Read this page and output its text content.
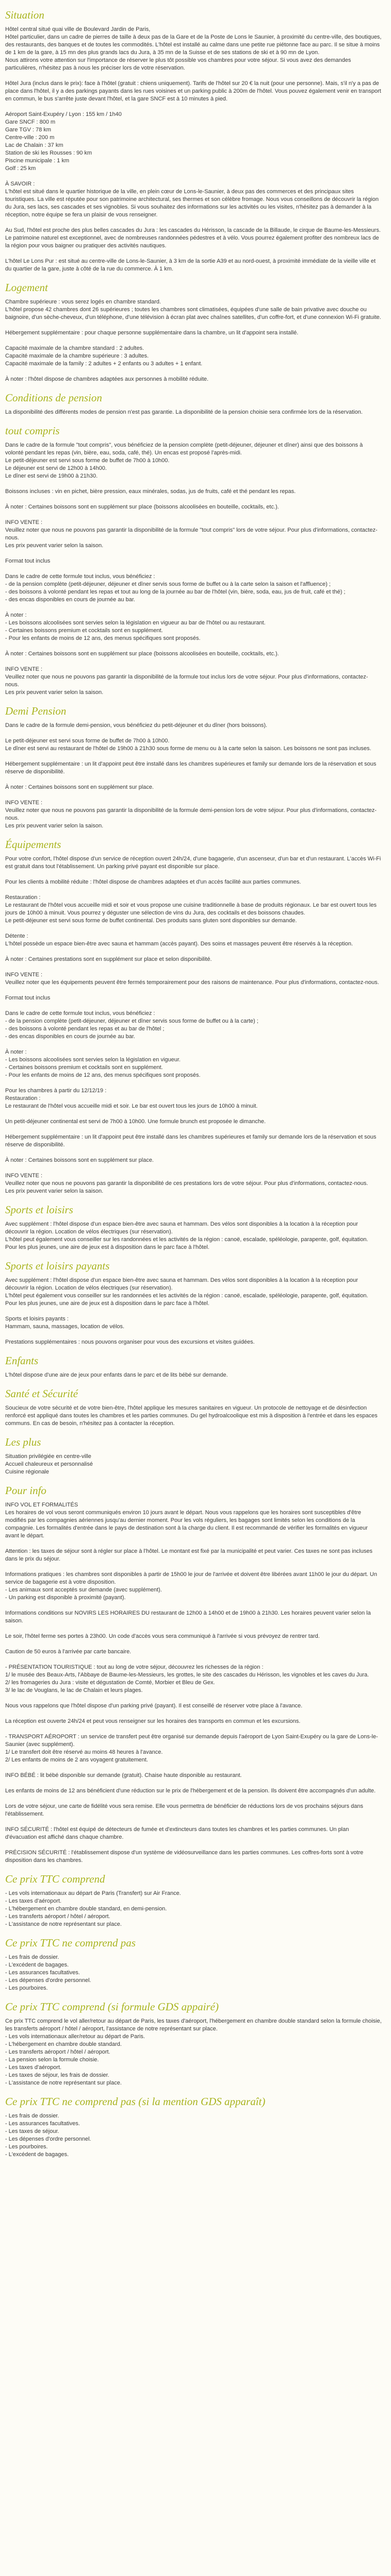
Situation
Hôtel central situé quai ville de Boulevard Jardin de Paris,
Hôtel particulier, dans un cadre de pierres de taille à deux pas de la Gare et de la Poste de Lons le Saunier, à proximité du centre-ville, des boutiques, des restaurants, des banques et de toutes les commodités. L'hôtel est installé au calme dans une petite rue piétonne face au parc. Il se situe à moins de 1 km de la gare, à 15 mn des plus grands lacs du Jura, à 35 mn de la Suisse et de ses stations de ski et à 90 mn de Lyon.
Nous attirons votre attention sur l'importance de réserver le plus tôt possible vos chambres pour votre séjour. Si vous avez des demandes particulières, n'hésitez pas à nous les préciser lors de votre réservation.
Hôtel Jura (inclus dans le prix): face à l'hôtel (gratuit : chiens uniquement). Tarifs de l'hôtel sur 20 € la nuit (pour une personne). Mais, s'il n'y a pas de place dans l'hôtel, il y a des parkings payants dans les rues voisines et un parking public à 200m de l'hôtel. Vous pouvez également venir en transport en commun, le bus s'arrête juste devant l'hôtel, et la gare SNCF est à 10 minutes à pied.
Aéroport Saint-Exupéry / Lyon : 155 km / 1h40
Gare SNCF : 800 m
Gare TGV : 78 km
Centre-ville : 200 m
Lac de Chalain : 37 km
Station de ski les Rousses : 90 km
Piscine municipale : 1 km
Golf : 25 km
À SAVOIR :
L'hôtel est situé dans le quartier historique de la ville, en plein cœur de Lons-le-Saunier, à deux pas des commerces et des principaux sites touristiques. La ville est réputée pour son patrimoine architectural, ses thermes et son célèbre fromage. Nous vous conseillons de découvrir la région du Jura, ses lacs, ses cascades et ses vignobles. Si vous souhaitez des informations sur les activités ou les visites, n'hésitez pas à demander à la réception, notre équipe se fera un plaisir de vous renseigner.
Au Sud, l'hôtel est proche des plus belles cascades du Jura : les cascades du Hérisson, la cascade de la Billaude, le cirque de Baume-les-Messieurs. Le patrimoine naturel est exceptionnel, avec de nombreuses randonnées pédestres et à vélo. Vous pourrez également profiter des nombreux lacs de la région pour vous baigner ou pratiquer des activités nautiques.
L'hôtel Le Lons Pur : est situé au centre-ville de Lons-le-Saunier, à 3 km de la sortie A39 et au nord-ouest, à proximité immédiate de la vieille ville et du quartier de la gare, juste à côté de la rue du commerce. À 1 km.
Logement
Chambre supérieure : vous serez logés en chambre standard.
L'hôtel propose 42 chambres dont 26 supérieures ; toutes les chambres sont climatisées, équipées d'une salle de bain privative avec douche ou baignoire, d'un sèche-cheveux, d'un téléphone, d'une télévision à écran plat avec chaînes satellites, d'un coffre-fort, et d'une connexion Wi-Fi gratuite.
Hébergement supplémentaire : pour chaque personne supplémentaire dans la chambre, un lit d'appoint sera installé.
Capacité maximale de la chambre standard : 2 adultes.
Capacité maximale de la chambre supérieure : 3 adultes.
Capacité maximale de la family : 2 adultes + 2 enfants ou 3 adultes + 1 enfant.
À noter : l'hôtel dispose de chambres adaptées aux personnes à mobilité réduite.
Conditions de pension
La disponibilité des différents modes de pension n'est pas garantie. La disponibilité de la pension choisie sera confirmée lors de la réservation.
tout compris
Dans le cadre de la formule "tout compris", vous bénéficiez de la pension complète (petit-déjeuner, déjeuner et dîner) ainsi que des boissons à volonté pendant les repas (vin, bière, eau, soda, café, thé). Un encas est proposé l'après-midi.
Le petit-déjeuner est servi sous forme de buffet de 7h00 à 10h00.
Le déjeuner est servi de 12h00 à 14h00.
Le dîner est servi de 19h00 à 21h30.
Boissons incluses : vin en pichet, bière pression, eaux minérales, sodas, jus de fruits, café et thé pendant les repas.
À noter : Certaines boissons sont en supplément sur place (boissons alcoolisées en bouteille, cocktails, etc.).
INFO VENTE :
Veuillez noter que nous ne pouvons pas garantir la disponibilité de la formule "tout compris" lors de votre séjour. Pour plus d'informations, contactez-nous.
Les prix peuvent varier selon la saison.
Format tout inclus
Dans le cadre de cette formule tout inclus, vous bénéficiez :
- de la pension complète (petit-déjeuner, déjeuner et dîner servis sous forme de buffet ou à la carte selon la saison et l'affluence) ;
- des boissons à volonté pendant les repas et tout au long de la journée au bar de l'hôtel (vin, bière, soda, eau, jus de fruit, café et thé) ;
- des encas disponibles en cours de journée au bar.
À noter :
- Les boissons alcoolisées sont servies selon la législation en vigueur au bar de l'hôtel ou au restaurant.
- Certaines boissons premium et cocktails sont en supplément.
- Pour les enfants de moins de 12 ans, des menus spécifiques sont proposés.
À noter : Certaines boissons sont en supplément sur place (boissons alcoolisées en bouteille, cocktails, etc.).
INFO VENTE :
Veuillez noter que nous ne pouvons pas garantir la disponibilité de la formule tout inclus lors de votre séjour. Pour plus d'informations, contactez-nous.
Les prix peuvent varier selon la saison.
Demi Pension
Dans le cadre de la formule demi-pension, vous bénéficiez du petit-déjeuner et du dîner (hors boissons).
Le petit-déjeuner est servi sous forme de buffet de 7h00 à 10h00.
Le dîner est servi au restaurant de l'hôtel de 19h00 à 21h30 sous forme de menu ou à la carte selon la saison. Les boissons ne sont pas incluses.
Hébergement supplémentaire : un lit d'appoint peut être installé dans les chambres supérieures et family sur demande lors de la réservation et sous réserve de disponibilité.
À noter : Certaines boissons sont en supplément sur place.
INFO VENTE :
Veuillez noter que nous ne pouvons pas garantir la disponibilité de la formule demi-pension lors de votre séjour. Pour plus d'informations, contactez-nous.
Les prix peuvent varier selon la saison.
Équipements
Pour votre confort, l'hôtel dispose d'un service de réception ouvert 24h/24, d'une bagagerie, d'un ascenseur, d'un bar et d'un restaurant. L'accès Wi-Fi est gratuit dans tout l'établissement. Un parking privé payant est disponible sur place.
Pour les clients à mobilité réduite : l'hôtel dispose de chambres adaptées et d'un accès facilité aux parties communes.
Restauration :
Le restaurant de l'hôtel vous accueille midi et soir et vous propose une cuisine traditionnelle à base de produits régionaux. Le bar est ouvert tous les jours de 10h00 à minuit. Vous pourrez y déguster une sélection de vins du Jura, des cocktails et des boissons chaudes.
Le petit-déjeuner est servi sous forme de buffet continental. Des produits sans gluten sont disponibles sur demande.
Détente :
L'hôtel possède un espace bien-être avec sauna et hammam (accès payant). Des soins et massages peuvent être réservés à la réception.
À noter : Certaines prestations sont en supplément sur place et selon disponibilité.
INFO VENTE :
Veuillez noter que les équipements peuvent être fermés temporairement pour des raisons de maintenance. Pour plus d'informations, contactez-nous.
Format tout inclus
Dans le cadre de cette formule tout inclus, vous bénéficiez :
- de la pension complète (petit-déjeuner, déjeuner et dîner servis sous forme de buffet ou à la carte) ;
- des boissons à volonté pendant les repas et au bar de l'hôtel ;
- des encas disponibles en cours de journée au bar.
À noter :
- Les boissons alcoolisées sont servies selon la législation en vigueur.
- Certaines boissons premium et cocktails sont en supplément.
- Pour les enfants de moins de 12 ans, des menus spécifiques sont proposés.
Pour les chambres à partir du 12/12/19 :
Restauration :
Le restaurant de l'hôtel vous accueille midi et soir. Le bar est ouvert tous les jours de 10h00 à minuit.
Un petit-déjeuner continental est servi de 7h00 à 10h00. Une formule brunch est proposée le dimanche.
Hébergement supplémentaire : un lit d'appoint peut être installé dans les chambres supérieures et family sur demande lors de la réservation et sous réserve de disponibilité.
À noter : Certaines boissons sont en supplément sur place.
INFO VENTE :
Veuillez noter que nous ne pouvons pas garantir la disponibilité de ces prestations lors de votre séjour. Pour plus d'informations, contactez-nous.
Les prix peuvent varier selon la saison.
Sports et loisirs
Avec supplément : l'hôtel dispose d'un espace bien-être avec sauna et hammam. Des vélos sont disponibles à la location à la réception pour découvrir la région. Location de vélos électriques (sur réservation).
L'hôtel peut également vous conseiller sur les randonnées et les activités de la région : canoë, escalade, spéléologie, parapente, golf, équitation.
Pour les plus jeunes, une aire de jeux est à disposition dans le parc face à l'hôtel.
Sports et loisirs payants
Avec supplément : l'hôtel dispose d'un espace bien-être avec sauna et hammam. Des vélos sont disponibles à la location à la réception pour découvrir la région. Location de vélos électriques (sur réservation).
L'hôtel peut également vous conseiller sur les randonnées et les activités de la région : canoë, escalade, spéléologie, parapente, golf, équitation.
Pour les plus jeunes, une aire de jeux est à disposition dans le parc face à l'hôtel.
Sports et loisirs payants :
Hammam, sauna, massages, location de vélos.
Prestations supplémentaires : nous pouvons organiser pour vous des excursions et visites guidées.
Enfants
L'hôtel dispose d'une aire de jeux pour enfants dans le parc et de lits bébé sur demande.
Santé et Sécurité
Soucieux de votre sécurité et de votre bien-être, l'hôtel applique les mesures sanitaires en vigueur. Un protocole de nettoyage et de désinfection renforcé est appliqué dans toutes les chambres et les parties communes. Du gel hydroalcoolique est mis à disposition à l'entrée et dans les espaces communs. En cas de besoin, n'hésitez pas à contacter la réception.
Les plus
Situation privilégiée en centre-ville
Accueil chaleureux et personnalisé
Cuisine régionale
Pour info
INFO VOL ET FORMALITÉS
Les horaires de vol vous seront communiqués environ 10 jours avant le départ. Nous vous rappelons que les horaires sont susceptibles d'être modifiés par les compagnies aériennes jusqu'au dernier moment. Pour les vols réguliers, les bagages sont limités selon les conditions de la compagnie. Les formalités d'entrée dans le pays de destination sont à la charge du client. Il est recommandé de vérifier les formalités en vigueur avant le départ.
Attention : les taxes de séjour sont à régler sur place à l'hôtel. Le montant est fixé par la municipalité et peut varier. Ces taxes ne sont pas incluses dans le prix du séjour.
Informations pratiques : les chambres sont disponibles à partir de 15h00 le jour de l'arrivée et doivent être libérées avant 11h00 le jour du départ. Un service de bagagerie est à votre disposition.
- Les animaux sont acceptés sur demande (avec supplément).
- Un parking est disponible à proximité (payant).
Informations conditions sur NOVIRS LES HORAIRES DU restaurant de 12h00 à 14h00 et de 19h00 à 21h30. Les horaires peuvent varier selon la saison.
Le soir, l'hôtel ferme ses portes à 23h00. Un code d'accès vous sera communiqué à l'arrivée si vous prévoyez de rentrer tard.
Caution de 50 euros à l'arrivée par carte bancaire.
- PRÉSENTATION TOURISTIQUE : tout au long de votre séjour, découvrez les richesses de la région :
1/ le musée des Beaux-Arts, l'Abbaye de Baume-les-Messieurs, les grottes, le site des cascades du Hérisson, les vignobles et les caves du Jura.
2/ les fromageries du Jura : visite et dégustation de Comté, Morbier et Bleu de Gex.
3/ le lac de Vouglans, le lac de Chalain et leurs plages.
Nous vous rappelons que l'hôtel dispose d'un parking privé (payant). Il est conseillé de réserver votre place à l'avance.
La réception est ouverte 24h/24 et peut vous renseigner sur les horaires des transports en commun et les excursions.
- TRANSPORT AÉROPORT : un service de transfert peut être organisé sur demande depuis l'aéroport de Lyon Saint-Exupéry ou la gare de Lons-le-Saunier (avec supplément).
1/ Le transfert doit être réservé au moins 48 heures à l'avance.
2/ Les enfants de moins de 2 ans voyagent gratuitement.
INFO BÉBÉ : lit bébé disponible sur demande (gratuit). Chaise haute disponible au restaurant.
Les enfants de moins de 12 ans bénéficient d'une réduction sur le prix de l'hébergement et de la pension. Ils doivent être accompagnés d'un adulte.
Lors de votre séjour, une carte de fidélité vous sera remise. Elle vous permettra de bénéficier de réductions lors de vos prochains séjours dans l'établissement.
INFO SÉCURITÉ : l'hôtel est équipé de détecteurs de fumée et d'extincteurs dans toutes les chambres et les parties communes. Un plan d'évacuation est affiché dans chaque chambre.
PRÉCISION SÉCURITÉ : l'établissement dispose d'un système de vidéosurveillance dans les parties communes. Les coffres-forts sont à votre disposition dans les chambres.
Ce prix TTC comprend
- Les vols internationaux au départ de Paris (Transfert) sur Air France.
- Les taxes d'aéroport.
- L'hébergement en chambre double standard, en demi-pension.
- Les transferts aéroport / hôtel / aéroport.
- L'assistance de notre représentant sur place.
Ce prix TTC ne comprend pas
- Les frais de dossier.
- L'excédent de bagages.
- Les assurances facultatives.
- Les dépenses d'ordre personnel.
- Les pourboires.
Ce prix TTC comprend (si formule GDS appairé)
Ce prix TTC comprend le vol aller/retour au départ de Paris, les taxes d'aéroport, l'hébergement en chambre double standard selon la formule choisie, les transferts aéroport / hôtel / aéroport, l'assistance de notre représentant sur place.
- Les vols internationaux aller/retour au départ de Paris.
- L'hébergement en chambre double standard.
- Les transferts aéroport / hôtel / aéroport.
- La pension selon la formule choisie.
- Les taxes d'aéroport.
- Les taxes de séjour, les frais de dossier.
- L'assistance de notre représentant sur place.
Ce prix TTC ne comprend pas (si la mention GDS apparaît)
- Les frais de dossier.
- Les assurances facultatives.
- Les taxes de séjour.
- Les dépenses d'ordre personnel.
- Les pourboires.
- L'excédent de bagages.
